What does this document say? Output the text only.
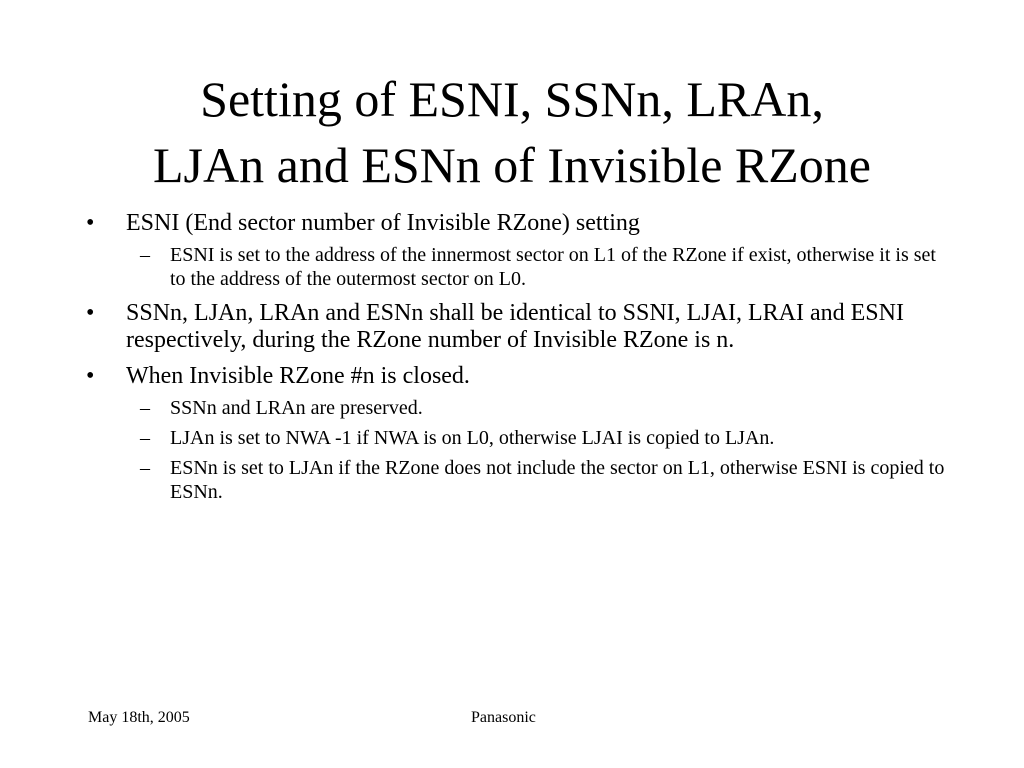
Setting of ESNI, SSNn, LRAn,
LJAn and ESNn of Invisible RZone
• ESNI (End sector number of Invisible RZone) setting
– ESNI is set to the address of the innermost sector on L1 of the RZone if exist, otherwise it is set to the address of the outermost sector on L0.
• SSNn, LJAn, LRAn and ESNn shall be identical to SSNI, LJAI, LRAI and ESNI respectively, during the RZone number of Invisible RZone is n.
• When Invisible RZone #n is closed.
– SSNn and LRAn are preserved.
– LJAn is set to NWA -1 if NWA is on L0, otherwise LJAI is copied to LJAn.
– ESNn is set to LJAn if the RZone does not include the sector on L1, otherwise ESNI is copied to ESNn.
May 18th, 2005	Panasonic
